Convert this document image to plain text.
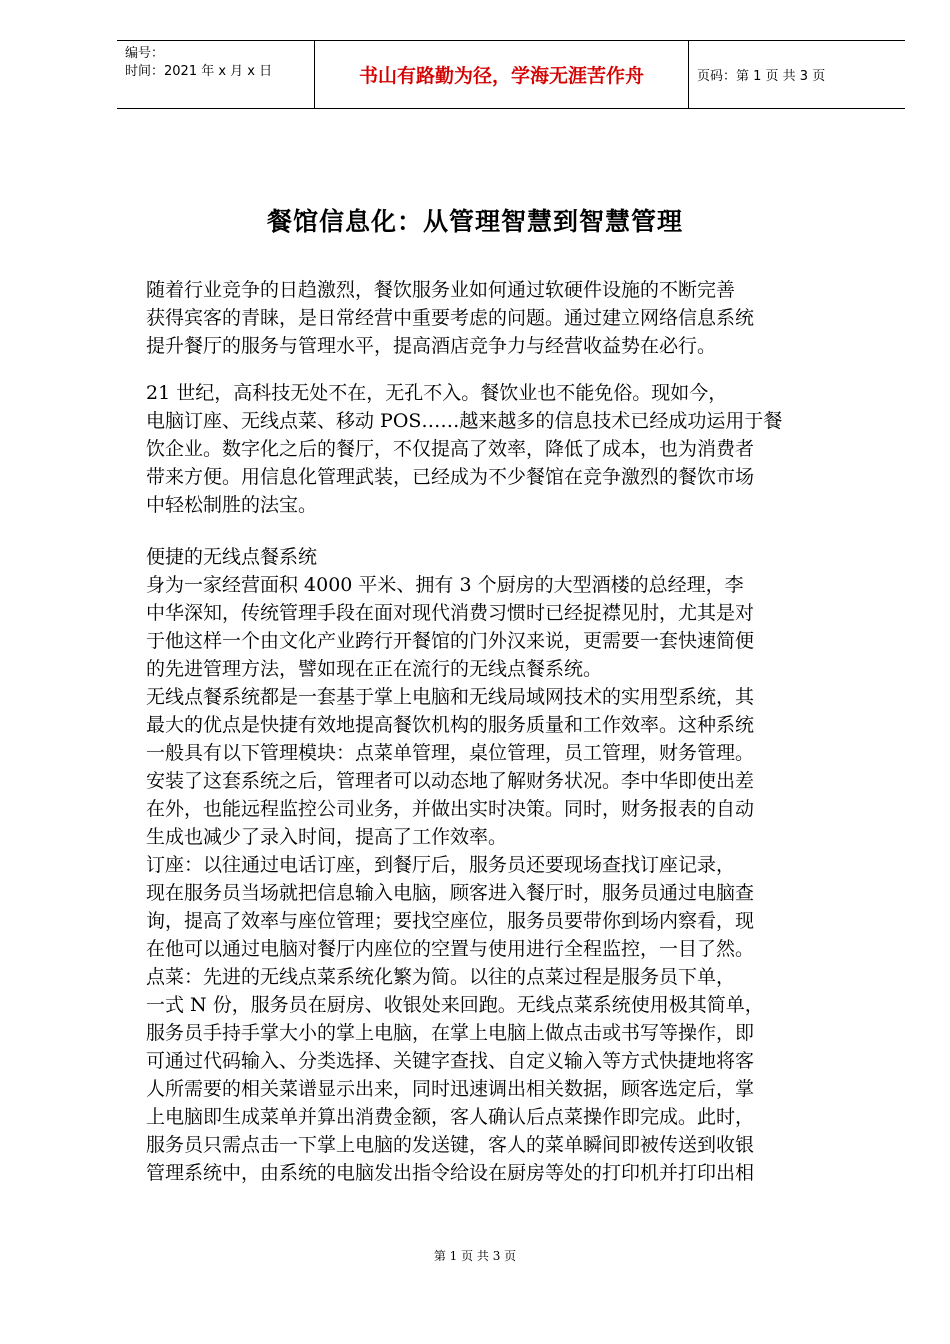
编号：
时间：2021 年 x 月 x 日	书山有路勤为径，学海无涯苦作舟	页码：第 1 页 共 3 页
餐馆信息化：从管理智慧到智慧管理
随着行业竞争的日趋激烈，餐饮服务业如何通过软硬件设施的不断完善
获得宾客的青睐，是日常经营中重要考虑的问题。通过建立网络信息系统
提升餐厅的服务与管理水平，提高酒店竞争力与经营收益势在必行。
21 世纪，高科技无处不在，无孔不入。餐饮业也不能免俗。现如今，
电脑订座、无线点菜、移动 POS……越来越多的信息技术已经成功运用于餐
饮企业。数字化之后的餐厅，不仅提高了效率，降低了成本，也为消费者
带来方便。用信息化管理武装，已经成为不少餐馆在竞争激烈的餐饮市场
中轻松制胜的法宝。
便捷的无线点餐系统
身为一家经营面积 4000 平米、拥有 3 个厨房的大型酒楼的总经理，李
中华深知，传统管理手段在面对现代消费习惯时已经捉襟见肘，尤其是对
于他这样一个由文化产业跨行开餐馆的门外汉来说，更需要一套快速简便
的先进管理方法，譬如现在正在流行的无线点餐系统。
无线点餐系统都是一套基于掌上电脑和无线局域网技术的实用型系统，其
最大的优点是快捷有效地提高餐饮机构的服务质量和工作效率。这种系统
一般具有以下管理模块：点菜单管理，桌位管理，员工管理，财务管理。
安装了这套系统之后，管理者可以动态地了解财务状况。李中华即使出差
在外，也能远程监控公司业务，并做出实时决策。同时，财务报表的自动
生成也减少了录入时间，提高了工作效率。
订座：以往通过电话订座，到餐厅后，服务员还要现场查找订座记录，
现在服务员当场就把信息输入电脑，顾客进入餐厅时，服务员通过电脑查
询，提高了效率与座位管理；要找空座位，服务员要带你到场内察看，现
在他可以通过电脑对餐厅内座位的空置与使用进行全程监控，一目了然。
点菜：先进的无线点菜系统化繁为简。以往的点菜过程是服务员下单，
一式 N 份，服务员在厨房、收银处来回跑。无线点菜系统使用极其简单，
服务员手持手掌大小的掌上电脑，在掌上电脑上做点击或书写等操作，即
可通过代码输入、分类选择、关键字查找、自定义输入等方式快捷地将客
人所需要的相关菜谱显示出来，同时迅速调出相关数据，顾客选定后，掌
上电脑即生成菜单并算出消费金额，客人确认后点菜操作即完成。此时，
服务员只需点击一下掌上电脑的发送键，客人的菜单瞬间即被传送到收银
管理系统中，由系统的电脑发出指令给设在厨房等处的打印机并打印出相
第 1 页 共 3 页
